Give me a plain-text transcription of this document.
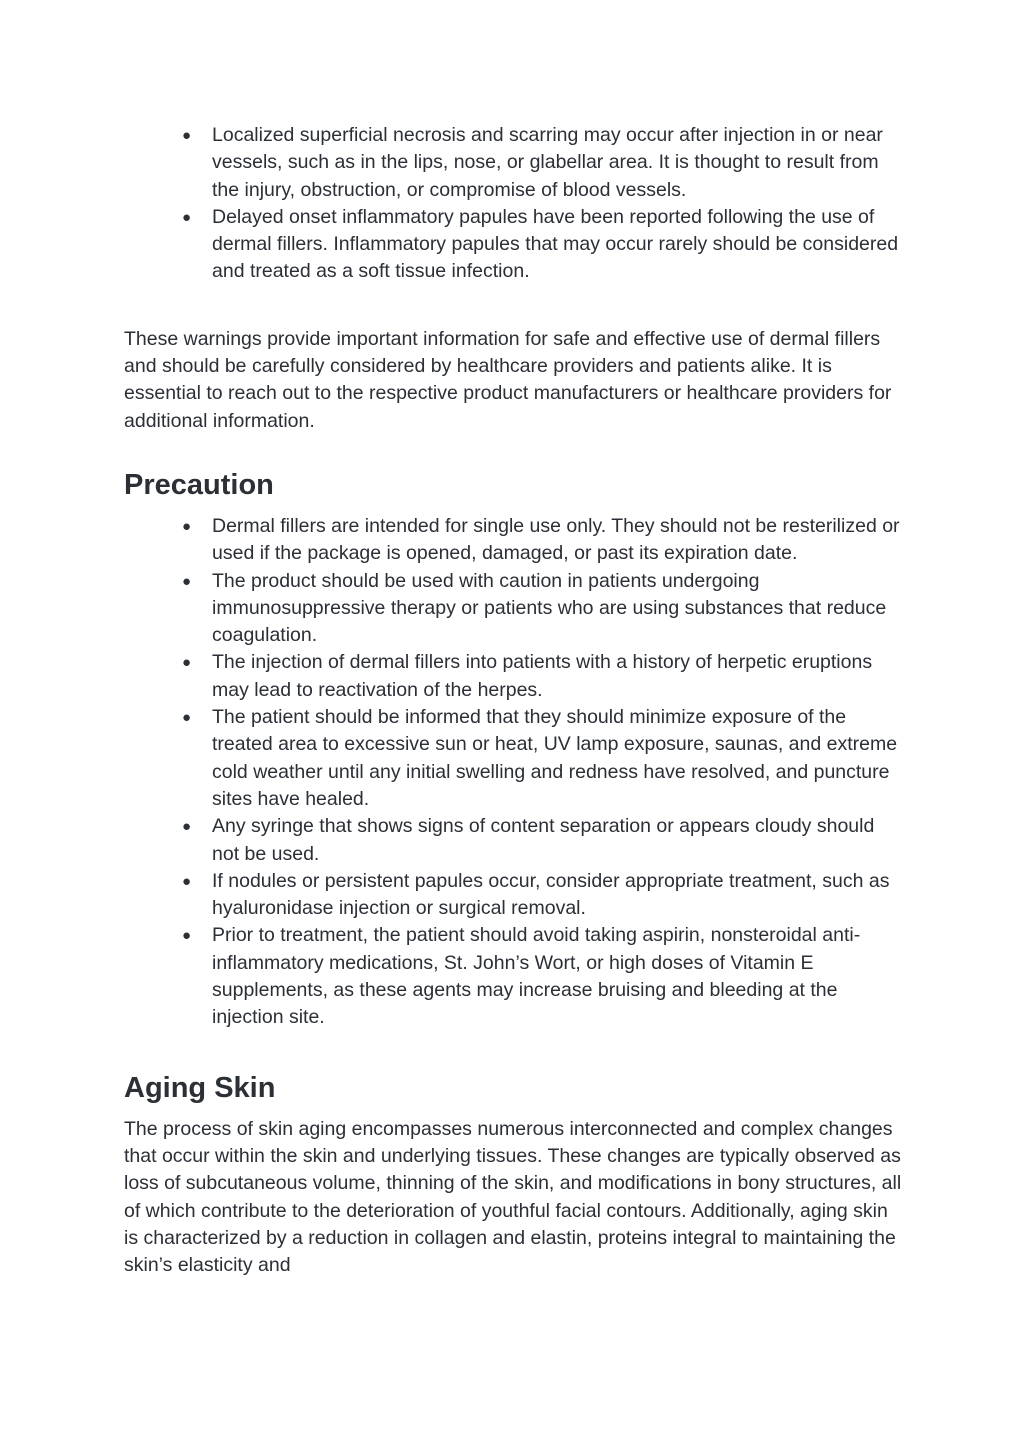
● Localized superficial necrosis and scarring may occur after injection in or near vessels, such as in the lips, nose, or glabellar area. It is thought to result from the injury, obstruction, or compromise of blood vessels.
● Delayed onset inflammatory papules have been reported following the use of dermal fillers. Inflammatory papules that may occur rarely should be considered and treated as a soft tissue infection.

These warnings provide important information for safe and effective use of dermal fillers and should be carefully considered by healthcare providers and patients alike. It is essential to reach out to the respective product manufacturers or healthcare providers for additional information.

Precaution
● Dermal fillers are intended for single use only. They should not be resterilized or used if the package is opened, damaged, or past its expiration date.
● The product should be used with caution in patients undergoing immunosuppressive therapy or patients who are using substances that reduce coagulation.
● The injection of dermal fillers into patients with a history of herpetic eruptions may lead to reactivation of the herpes.
● The patient should be informed that they should minimize exposure of the treated area to excessive sun or heat, UV lamp exposure, saunas, and extreme cold weather until any initial swelling and redness have resolved, and puncture sites have healed.
● Any syringe that shows signs of content separation or appears cloudy should not be used.
● If nodules or persistent papules occur, consider appropriate treatment, such as hyaluronidase injection or surgical removal.
● Prior to treatment, the patient should avoid taking aspirin, nonsteroidal anti-inflammatory medications, St. John’s Wort, or high doses of Vitamin E supplements, as these agents may increase bruising and bleeding at the injection site.
Aging Skin

The process of skin aging encompasses numerous interconnected and complex changes that occur within the skin and underlying tissues. These changes are typically observed as loss of subcutaneous volume, thinning of the skin, and modifications in bony structures, all of which contribute to the deterioration of youthful facial contours. Additionally, aging skin is characterized by a reduction in collagen and elastin, proteins integral to maintaining the skin’s elasticity and
